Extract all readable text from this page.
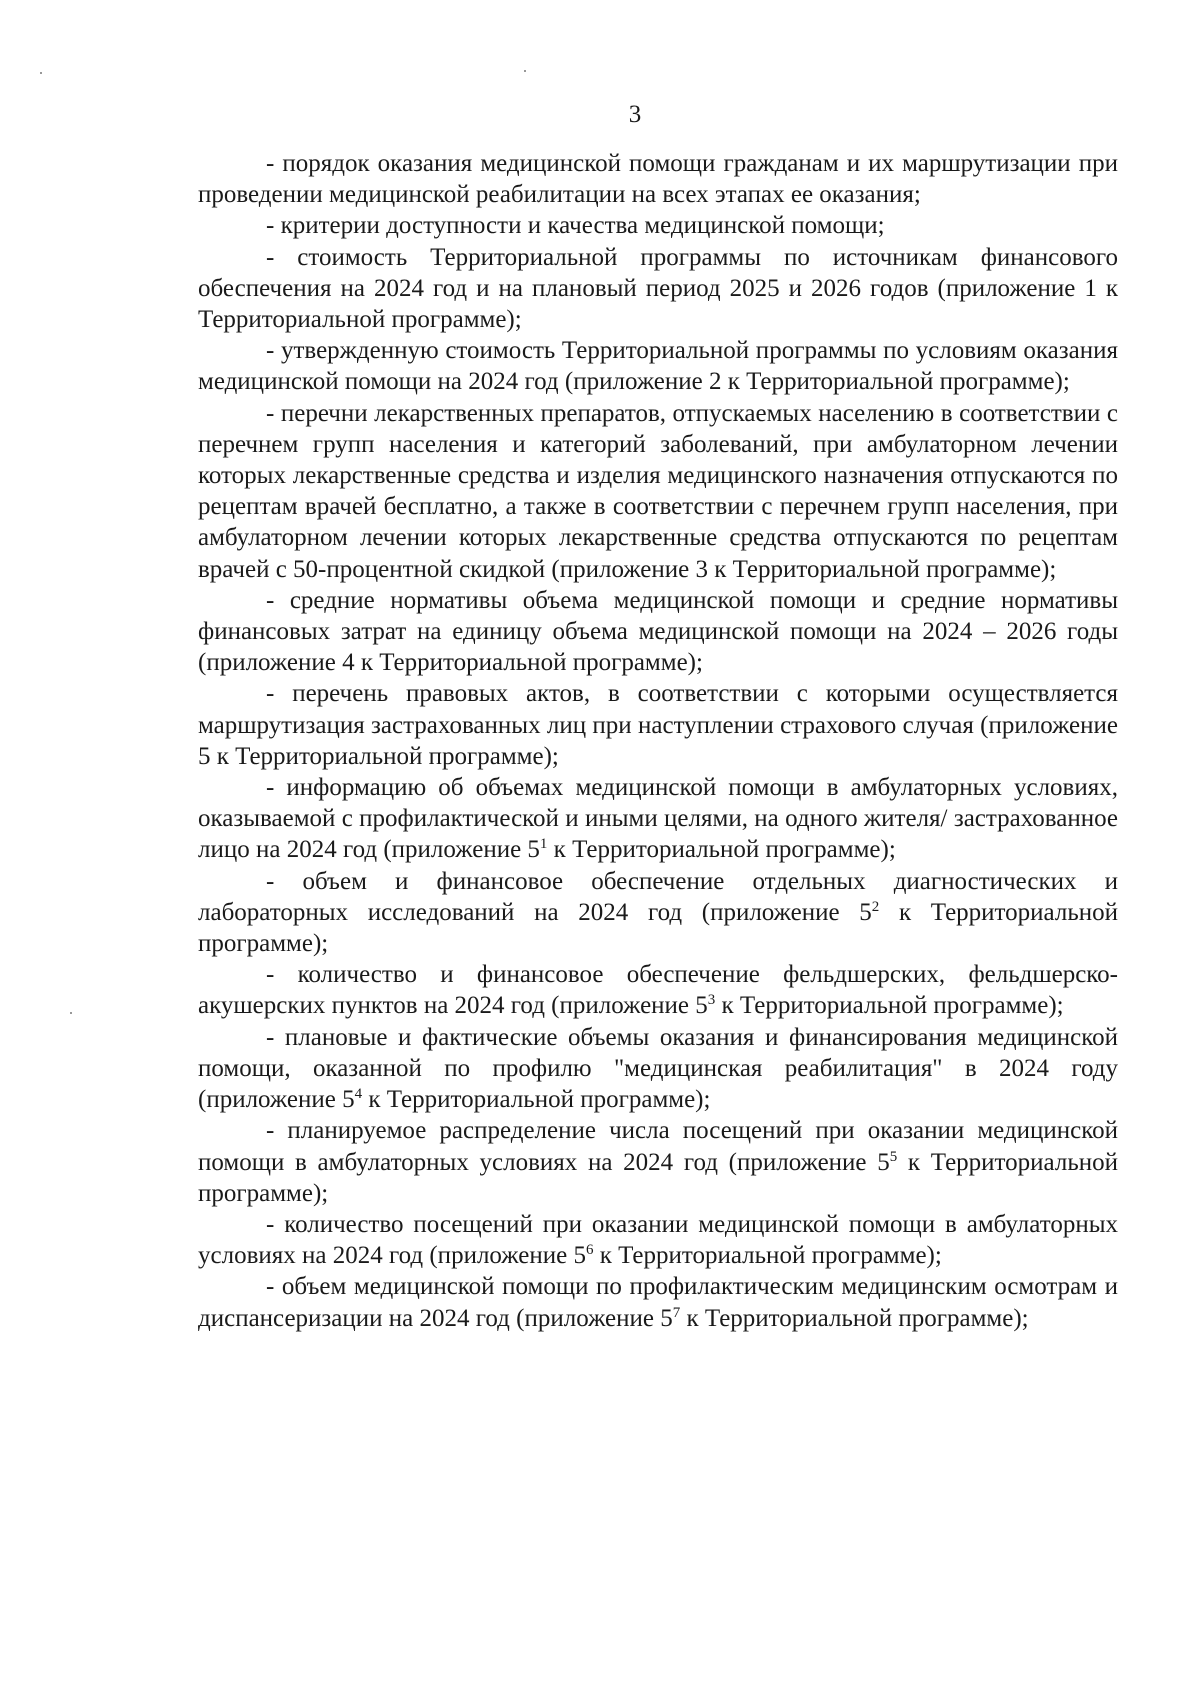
3

- порядок оказания медицинской помощи гражданам и их маршрутизации при проведении медицинской реабилитации на всех этапах ее оказания;

- критерии доступности и качества медицинской помощи;

- стоимость Территориальной программы по источникам финансового обеспечения на 2024 год и на плановый период 2025 и 2026 годов (приложение 1 к Территориальной программе);

- утвержденную стоимость Территориальной программы по условиям оказания медицинской помощи на 2024 год (приложение 2 к Территориальной программе);

- перечни лекарственных препаратов, отпускаемых населению в соответствии с перечнем групп населения и категорий заболеваний, при амбулаторном лечении которых лекарственные средства и изделия медицинского назначения отпускаются по рецептам врачей бесплатно, а также в соответствии с перечнем групп населения, при амбулаторном лечении которых лекарственные средства отпускаются по рецептам врачей с 50-процентной скидкой (приложение 3 к Территориальной программе);

- средние нормативы объема медицинской помощи и средние нормативы финансовых затрат на единицу объема медицинской помощи на 2024 – 2026 годы (приложение 4 к Территориальной программе);

- перечень правовых актов, в соответствии с которыми осуществляется маршрутизация застрахованных лиц при наступлении страхового случая (приложение 5 к Территориальной программе);

- информацию об объемах медицинской помощи в амбулаторных условиях, оказываемой с профилактической и иными целями, на одного жителя/ застрахованное лицо на 2024 год (приложение $5^1$ к Территориальной программе);

- объем и финансовое обеспечение отдельных диагностических и лабораторных исследований на 2024 год (приложение $5^2$ к Территориальной программе);

- количество и финансовое обеспечение фельдшерских, фельдшерско-акушерских пунктов на 2024 год (приложение $5^3$ к Территориальной программе);

- плановые и фактические объемы оказания и финансирования медицинской помощи, оказанной по профилю "медицинская реабилитация" в 2024 году (приложение $5^4$ к Территориальной программе);

- планируемое распределение числа посещений при оказании медицинской помощи в амбулаторных условиях на 2024 год (приложение $5^5$ к Территориальной программе);

- количество посещений при оказании медицинской помощи в амбулаторных условиях на 2024 год (приложение $5^6$ к Территориальной программе);

- объем медицинской помощи по профилактическим медицинским осмотрам и диспансеризации на 2024 год (приложение $5^7$ к Территориальной программе);
